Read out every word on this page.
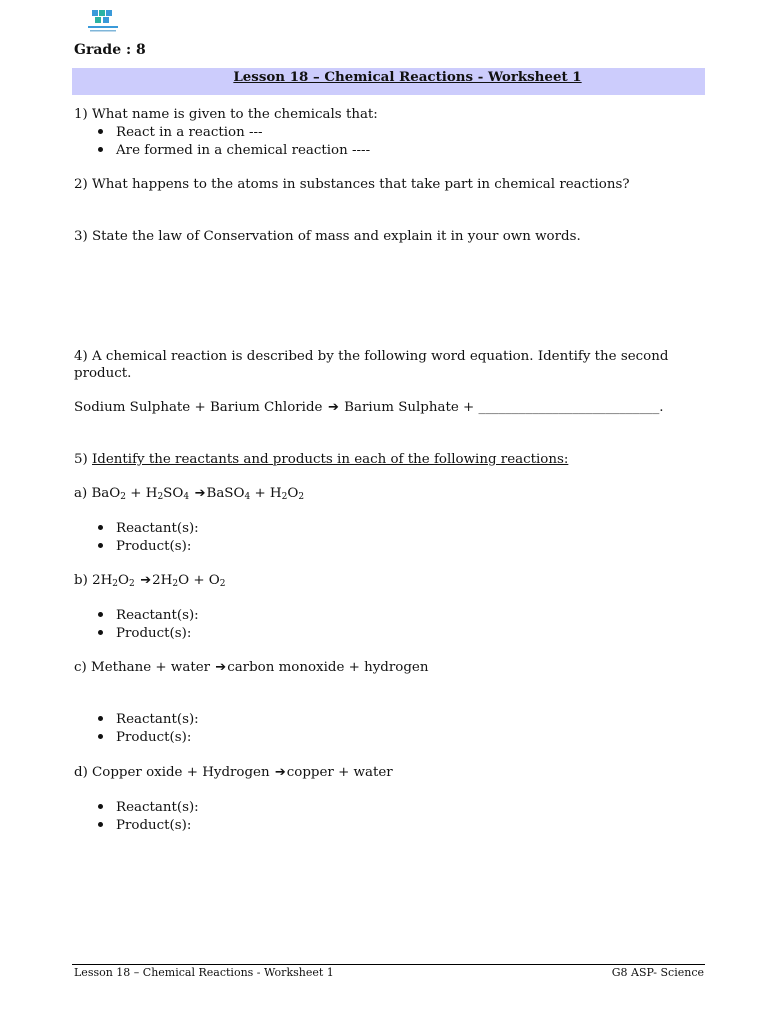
Grade : 8
Lesson 18 – Chemical Reactions - Worksheet 1
1) What name is given to the chemicals that:
React in a reaction ---
Are formed in a chemical reaction ----
2) What happens to the atoms in substances that take part in chemical reactions?
3) State the law of Conservation of mass and explain it in your own words.
4) A chemical reaction is described by the following word equation. Identify the second
product.
Sodium Sulphate + Barium Chloride ➔ Barium Sulphate + ___________________________.
5) Identify the reactants and products in each of the following reactions:
a) $BaO_2 + H_2SO_4$ ➔BaSO$_4$ + $H_2O_2$
Reactant(s):
Product(s):
b) $2H_2O_2$ $➔2H_2O + O_2$
Reactant(s):
Product(s):
c) Methane + water ➔carbon monoxide + hydrogen
Reactant(s):
Product(s):
d) Copper oxide + Hydrogen ➔copper + water
Reactant(s):
Product(s):
Lesson 18 – Chemical Reactions - Worksheet 1	G8 ASP- Science
